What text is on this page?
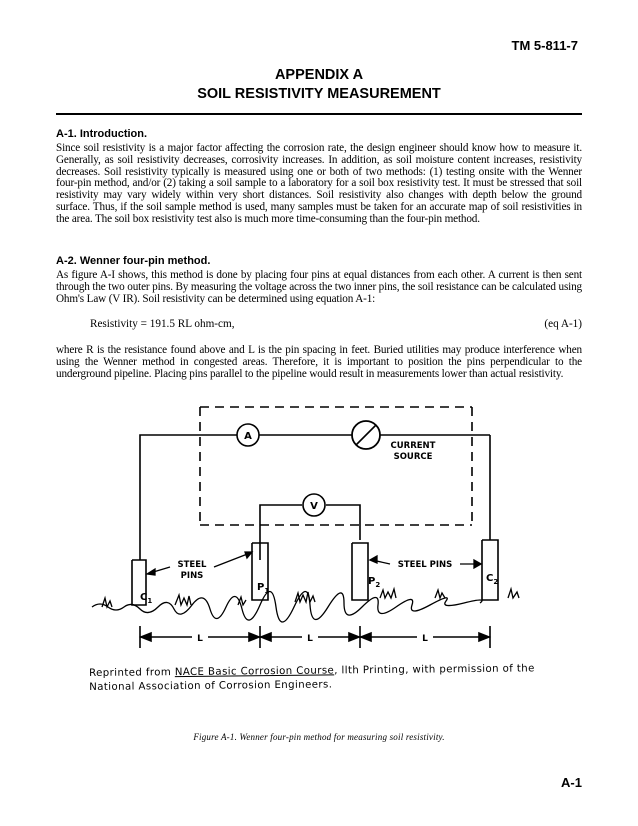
TM 5-811-7
APPENDIX A
SOIL RESISTIVITY MEASUREMENT
A-1. Introduction.
Since soil resistivity is a major factor affecting the corrosion rate, the design engineer should know how to measure it. Generally, as soil resistivity decreases, corrosivity increases. In addition, as soil moisture content increases, resistivity decreases. Soil resistivity typically is measured using one or both of two methods: (1) testing onsite with the Wenner four-pin method, and/or (2) taking a soil sample to a laboratory for a soil box resistivity test. It must be stressed that soil resistivity may vary widely within very short distances. Soil resistivity also changes with depth below the ground surface. Thus, if the soil sample method is used, many samples must be taken for an accurate map of soil resistivities in the area. The soil box resistivity test also is much more time-consuming than the four-pin method.
A-2. Wenner four-pin method.
As figure A-I shows, this method is done by placing four pins at equal distances from each other. A current is then sent through the two outer pins. By measuring the voltage across the two inner pins, the soil resistance can be calculated using Ohm's Law (V IR). Soil resistivity can be determined using equation A-1:
Resistivity = 191.5 RL ohm-cm,	(eq A-1)
where R is the resistance found above and L is the pin spacing in feet. Buried utilities may produce interference when using the Wenner method in congested areas. Therefore, it is important to position the pins perpendicular to the underground pipeline. Placing pins parallel to the pipeline would result in measurements lower than actual resistivity.
A
CURRENT
SOURCE
V
STEEL
PINS
STEEL PINS
$C_1$
$P_1$
$P_2$
$C_2$
L	L	L
Reprinted from NACE Basic Corrosion Course, llth Printing, with permission of the
National Association of Corrosion Engineers.
Figure A-1. Wenner four-pin method for measuring soil resistivity.
A-1
